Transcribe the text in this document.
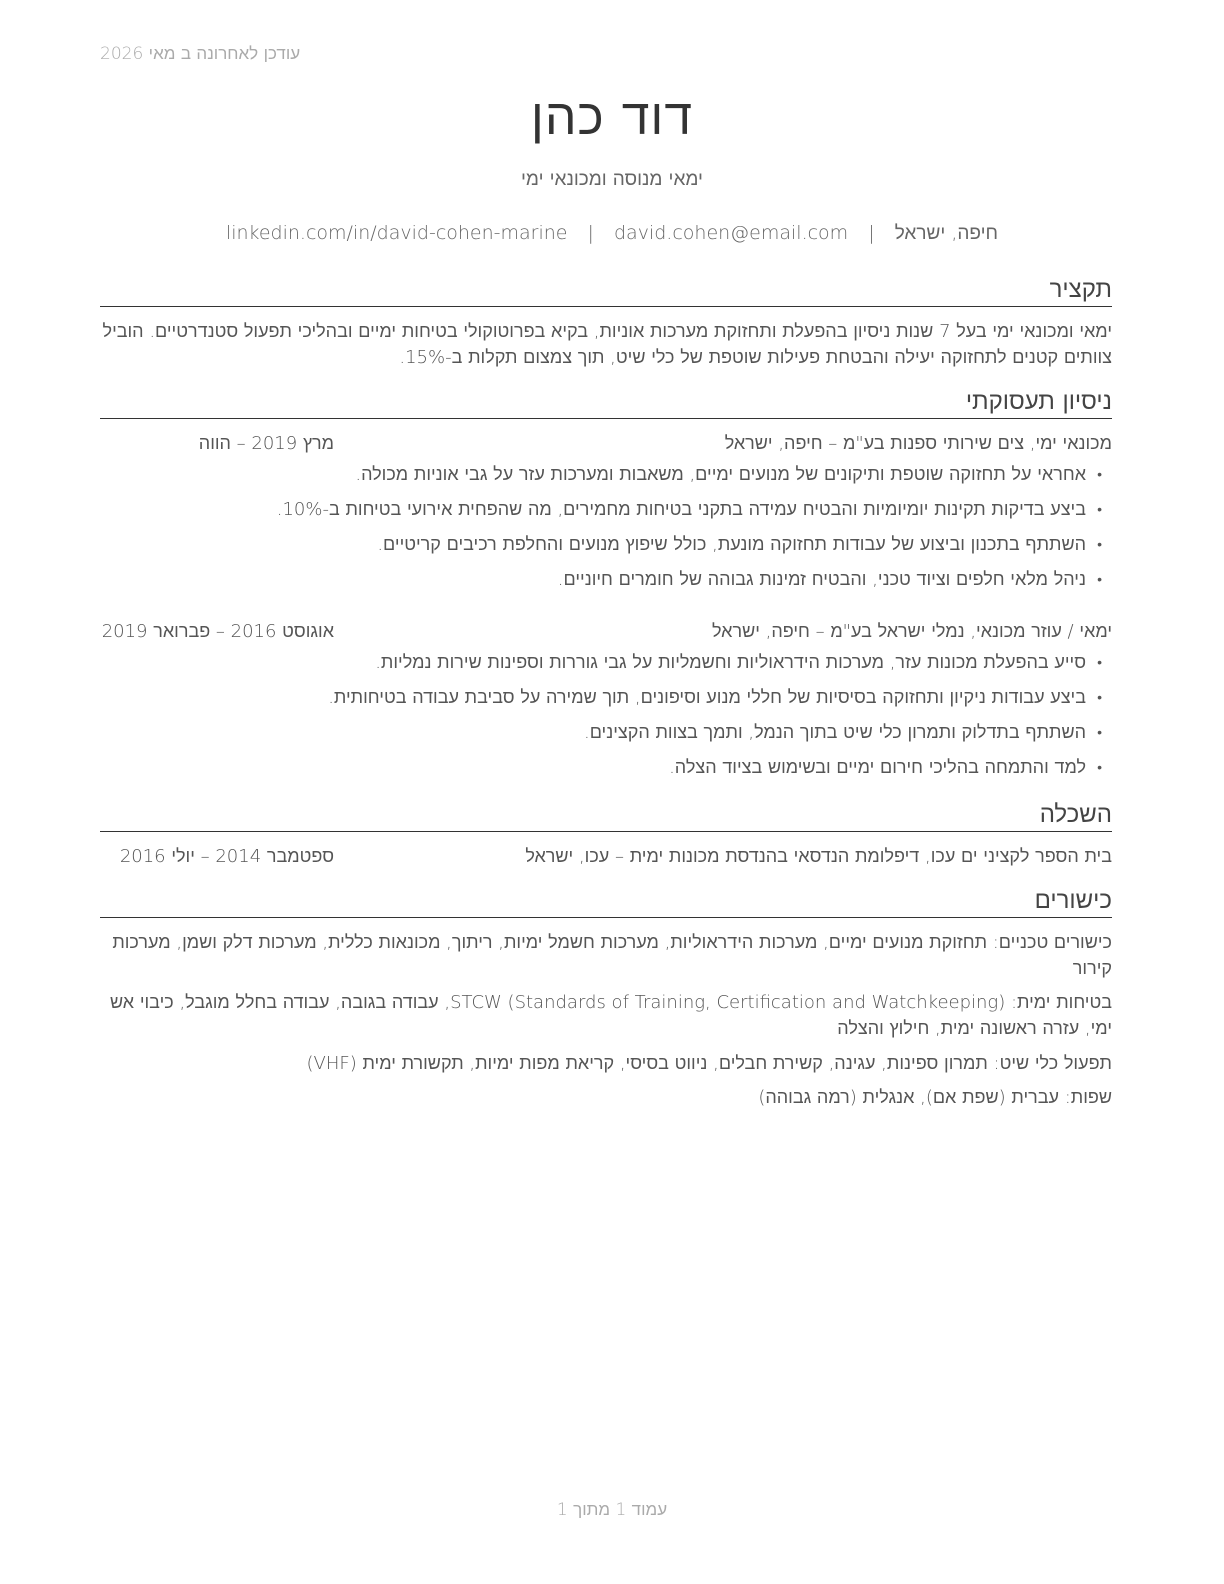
עודכן לאחרונה ב מאי 2026
דוד כהן
ימאי מנוסה ומכונאי ימי
חיפה, ישראל | david.cohen@email.com | linkedin.com/in/david-cohen-marine
תקציר
ימאי ומכונאי ימי בעל 7 שנות ניסיון בהפעלת ותחזוקת מערכות אוניות, בקיא בפרוטוקולי בטיחות ימיים ובהליכי תפעול סטנדרטיים. הוביל צוותים קטנים לתחזוקה יעילה והבטחת פעילות שוטפת של כלי שיט, תוך צמצום תקלות ב-15%.
ניסיון תעסוקתי
מכונאי ימי, צים שירותי ספנות בע"מ – חיפה, ישראל
מרץ 2019 – הווה
• אחראי על תחזוקה שוטפת ותיקונים של מנועים ימיים, משאבות ומערכות עזר על גבי אוניות מכולה.
• ביצע בדיקות תקינות יומיומיות והבטיח עמידה בתקני בטיחות מחמירים, מה שהפחית אירועי בטיחות ב-10%.
• השתתף בתכנון וביצוע של עבודות תחזוקה מונעת, כולל שיפוץ מנועים והחלפת רכיבים קריטיים.
• ניהל מלאי חלפים וציוד טכני, והבטיח זמינות גבוהה של חומרים חיוניים.
ימאי / עוזר מכונאי, נמלי ישראל בע"מ – חיפה, ישראל
אוגוסט 2016 – פברואר 2019
• סייע בהפעלת מכונות עזר, מערכות הידראוליות וחשמליות על גבי גוררות וספינות שירות נמליות.
• ביצע עבודות ניקיון ותחזוקה בסיסיות של חללי מנוע וסיפונים, תוך שמירה על סביבת עבודה בטיחותית.
• השתתף בתדלוק ותמרון כלי שיט בתוך הנמל, ותמך בצוות הקצינים.
• למד והתמחה בהליכי חירום ימיים ובשימוש בציוד הצלה.
השכלה
בית הספר לקציני ים עכו, דיפלומת הנדסאי בהנדסת מכונות ימית – עכו, ישראל
ספטמבר 2014 – יולי 2016
כישורים
כישורים טכניים: תחזוקת מנועים ימיים, מערכות הידראוליות, מערכות חשמל ימיות, ריתוך, מכונאות כללית, מערכות דלק ושמן, מערכות קירור
בטיחות ימית: STCW (Standards of Training, Certification and Watchkeeping), עבודה בגובה, עבודה בחלל מוגבל, כיבוי אש ימי, עזרה ראשונה ימית, חילוץ והצלה
תפעול כלי שיט: תמרון ספינות, עגינה, קשירת חבלים, ניווט בסיסי, קריאת מפות ימיות, תקשורת ימית (VHF)
שפות: עברית (שפת אם), אנגלית (רמה גבוהה)
עמוד 1 מתוך 1
